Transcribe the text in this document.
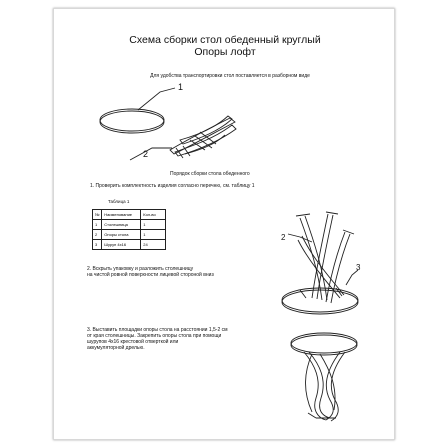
Схема сборки стол обеденный круглый
Опоры лофт
Для удобства транспортировки стол поставляется в разборном виде
1
2
2
3
Порядок сборки стола обеденного
1. Проверить комплектность изделия согласно перечню, см. таблицу 1
Таблица 1
№	Наименование	Кол-во
1	Столешница	1
2	Опоры стола	1
3	Шуруп 4х16	24
2. Вскрыть упаковку и разложить столешницу
на чистой ровной поверхности лицевой стороной вниз
3. Выставить площадки опоры стола на расстоянии 1,5-2 см
от края столешницы. Закрепить опоры стола при помощи
шурупов 4х16 крестовой отверткой или
аккумуляторной дрелью.
